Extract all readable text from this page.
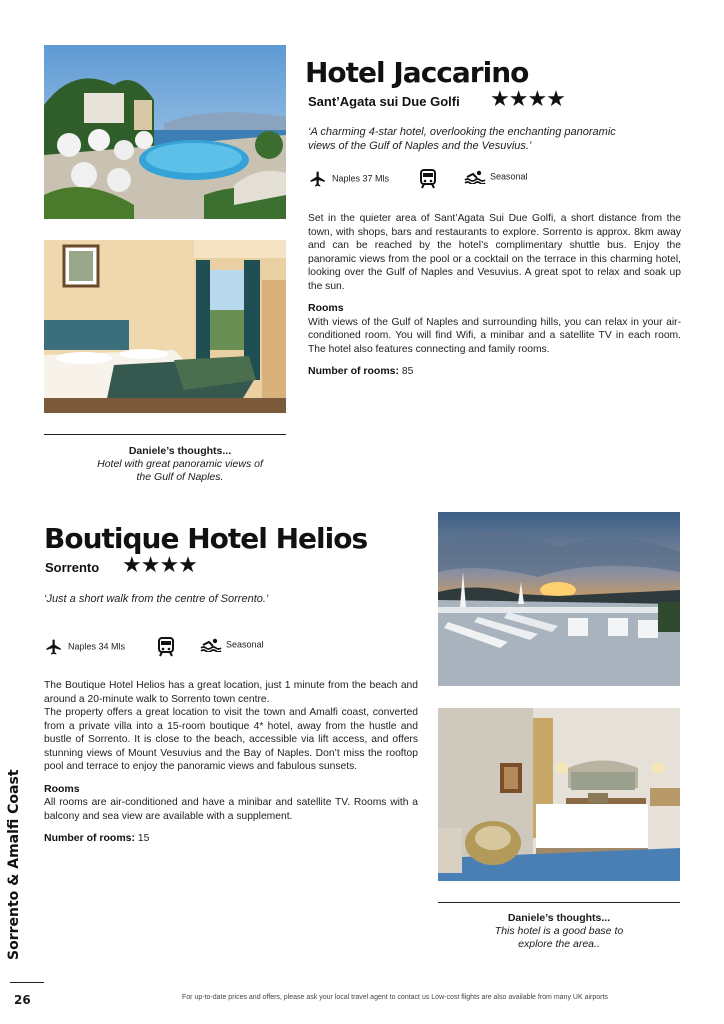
Hotel Jaccarino
Sant’Agata sui Due Golfi ★★★★
‘A charming 4-star hotel, overlooking the enchanting panoramic views of the Gulf of Naples and the Vesuvius.’
Naples 37 Mls	Seasonal

Set in the quieter area of Sant’Agata Sui Due Golfi, a short distance from the town, with shops, bars and restaurants to explore. Sorrento is approx. 8km away and can be reached by the hotel’s complimentary shuttle bus. Enjoy the panoramic views from the pool or a cocktail on the terrace in this charming hotel, looking over the Gulf of Naples and Vesuvius. A great spot to relax and soak up the sun.

Rooms

With views of the Gulf of Naples and surrounding hills, you can relax in your air-conditioned room. You will find Wifi, a minibar and a satellite TV in each room. The hotel also features connecting and family rooms.

Number of rooms: 85

Daniele’s thoughts...
Hotel with great panoramic views of the Gulf of Naples.
Boutique Hotel Helios
Sorrento ★★★★
‘Just a short walk from the centre of Sorrento.’
Naples 34 Mls	Seasonal

The Boutique Hotel Helios has a great location, just 1 minute from the beach and around a 20-minute walk to Sorrento town centre.

The property offers a great location to visit the town and Amalfi coast, converted from a private villa into a 15-room boutique 4* hotel, away from the hustle and bustle of Sorrento. It is close to the beach, accessible via lift access, and offers stunning views of Mount Vesuvius and the Bay of Naples. Don’t miss the rooftop pool and terrace to enjoy the panoramic views and fabulous sunsets.

Rooms

All rooms are air-conditioned and have a minibar and satellite TV. Rooms with a balcony and sea view are available with a supplement.

Number of rooms: 15

Daniele’s thoughts...
This hotel is a good base to explore the area..
Sorrento & Amalfi Coast
26	For up-to-date prices and offers, please ask your local travel agent to contact us Low-cost flights are also available from many UK airports
